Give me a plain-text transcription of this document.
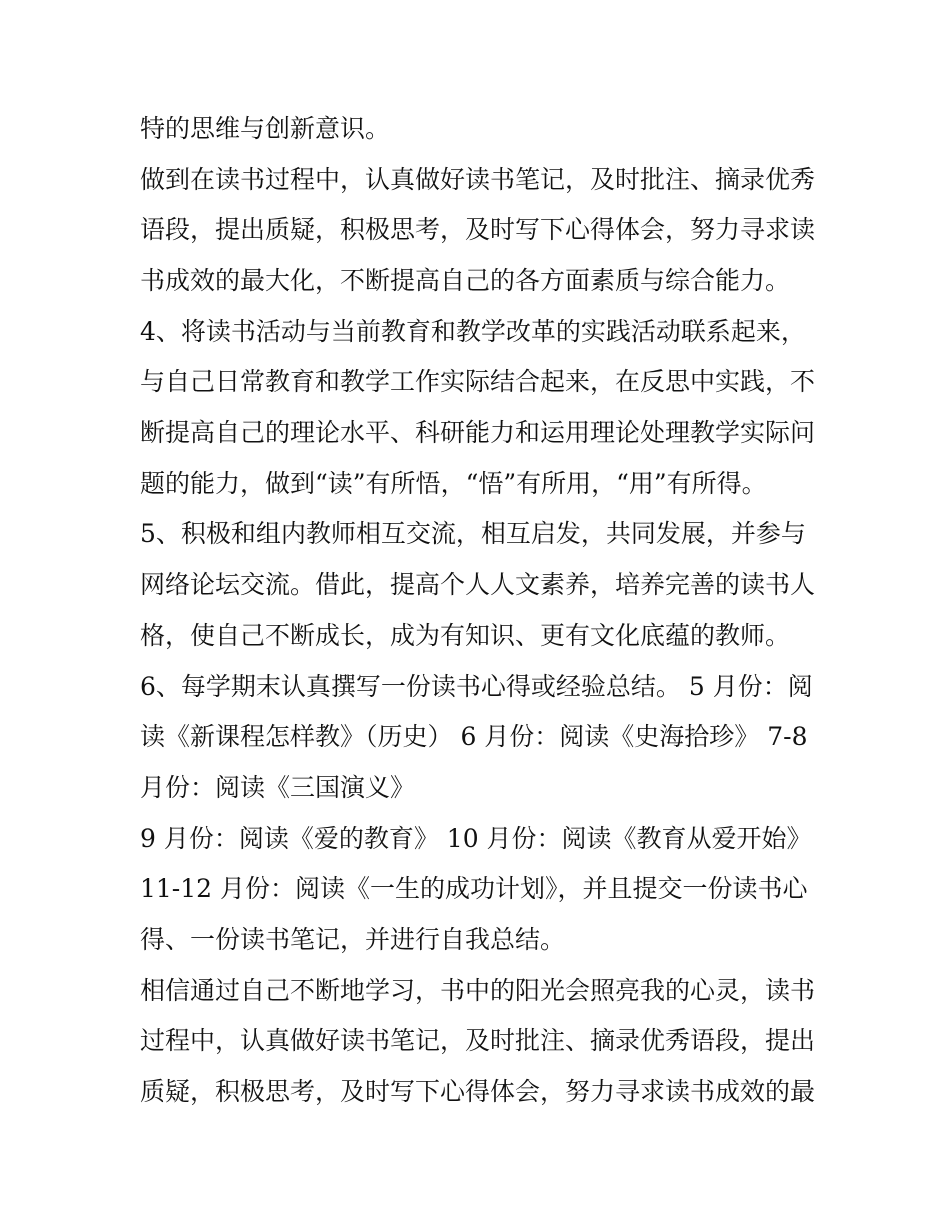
特的思维与创新意识。

做到在读书过程中，认真做好读书笔记，及时批注、摘录优秀

语段，提出质疑，积极思考，及时写下心得体会，努力寻求读

书成效的最大化，不断提高自己的各方面素质与综合能力。

4、将读书活动与当前教育和教学改革的实践活动联系起来，

与自己日常教育和教学工作实际结合起来，在反思中实践，不

断提高自己的理论水平、科研能力和运用理论处理教学实际问

题的能力，做到“读”有所悟，“悟”有所用，“用”有所得。

5、积极和组内教师相互交流，相互启发，共同发展，并参与

网络论坛交流。借此，提高个人人文素养，培养完善的读书人

格，使自己不断成长，成为有知识、更有文化底蕴的教师。

6、每学期末认真撰写一份读书心得或经验总结。 5 月份：阅

读《新课程怎样教》（历史） 6 月份：阅读《史海拾珍》 7-8

月份：阅读《三国演义》

9 月份：阅读《爱的教育》 10 月份：阅读《教育从爱开始》

11-12 月份：阅读《一生的成功计划》，并且提交一份读书心

得、一份读书笔记，并进行自我总结。

相信通过自己不断地学习，书中的阳光会照亮我的心灵，读书

过程中，认真做好读书笔记，及时批注、摘录优秀语段，提出

质疑，积极思考，及时写下心得体会，努力寻求读书成效的最
